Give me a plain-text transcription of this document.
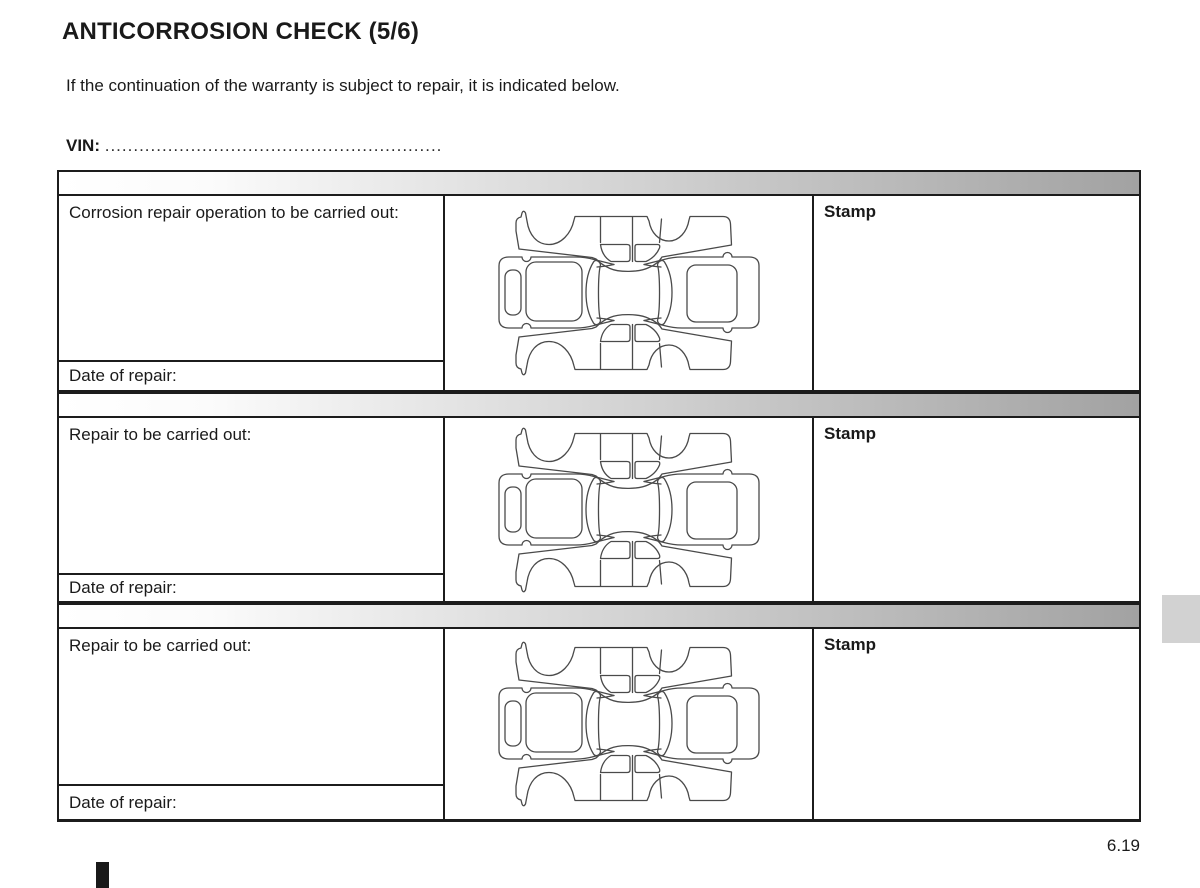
ANTICORROSION CHECK (5/6)

If the continuation of the warranty is subject to repair, it is indicated below.

VIN: ...........................................................

Corrosion repair operation to be carried out:	Stamp
Date of repair:
Repair to be carried out:	Stamp
Date of repair:
Repair to be carried out:	Stamp
Date of repair:
6.19
